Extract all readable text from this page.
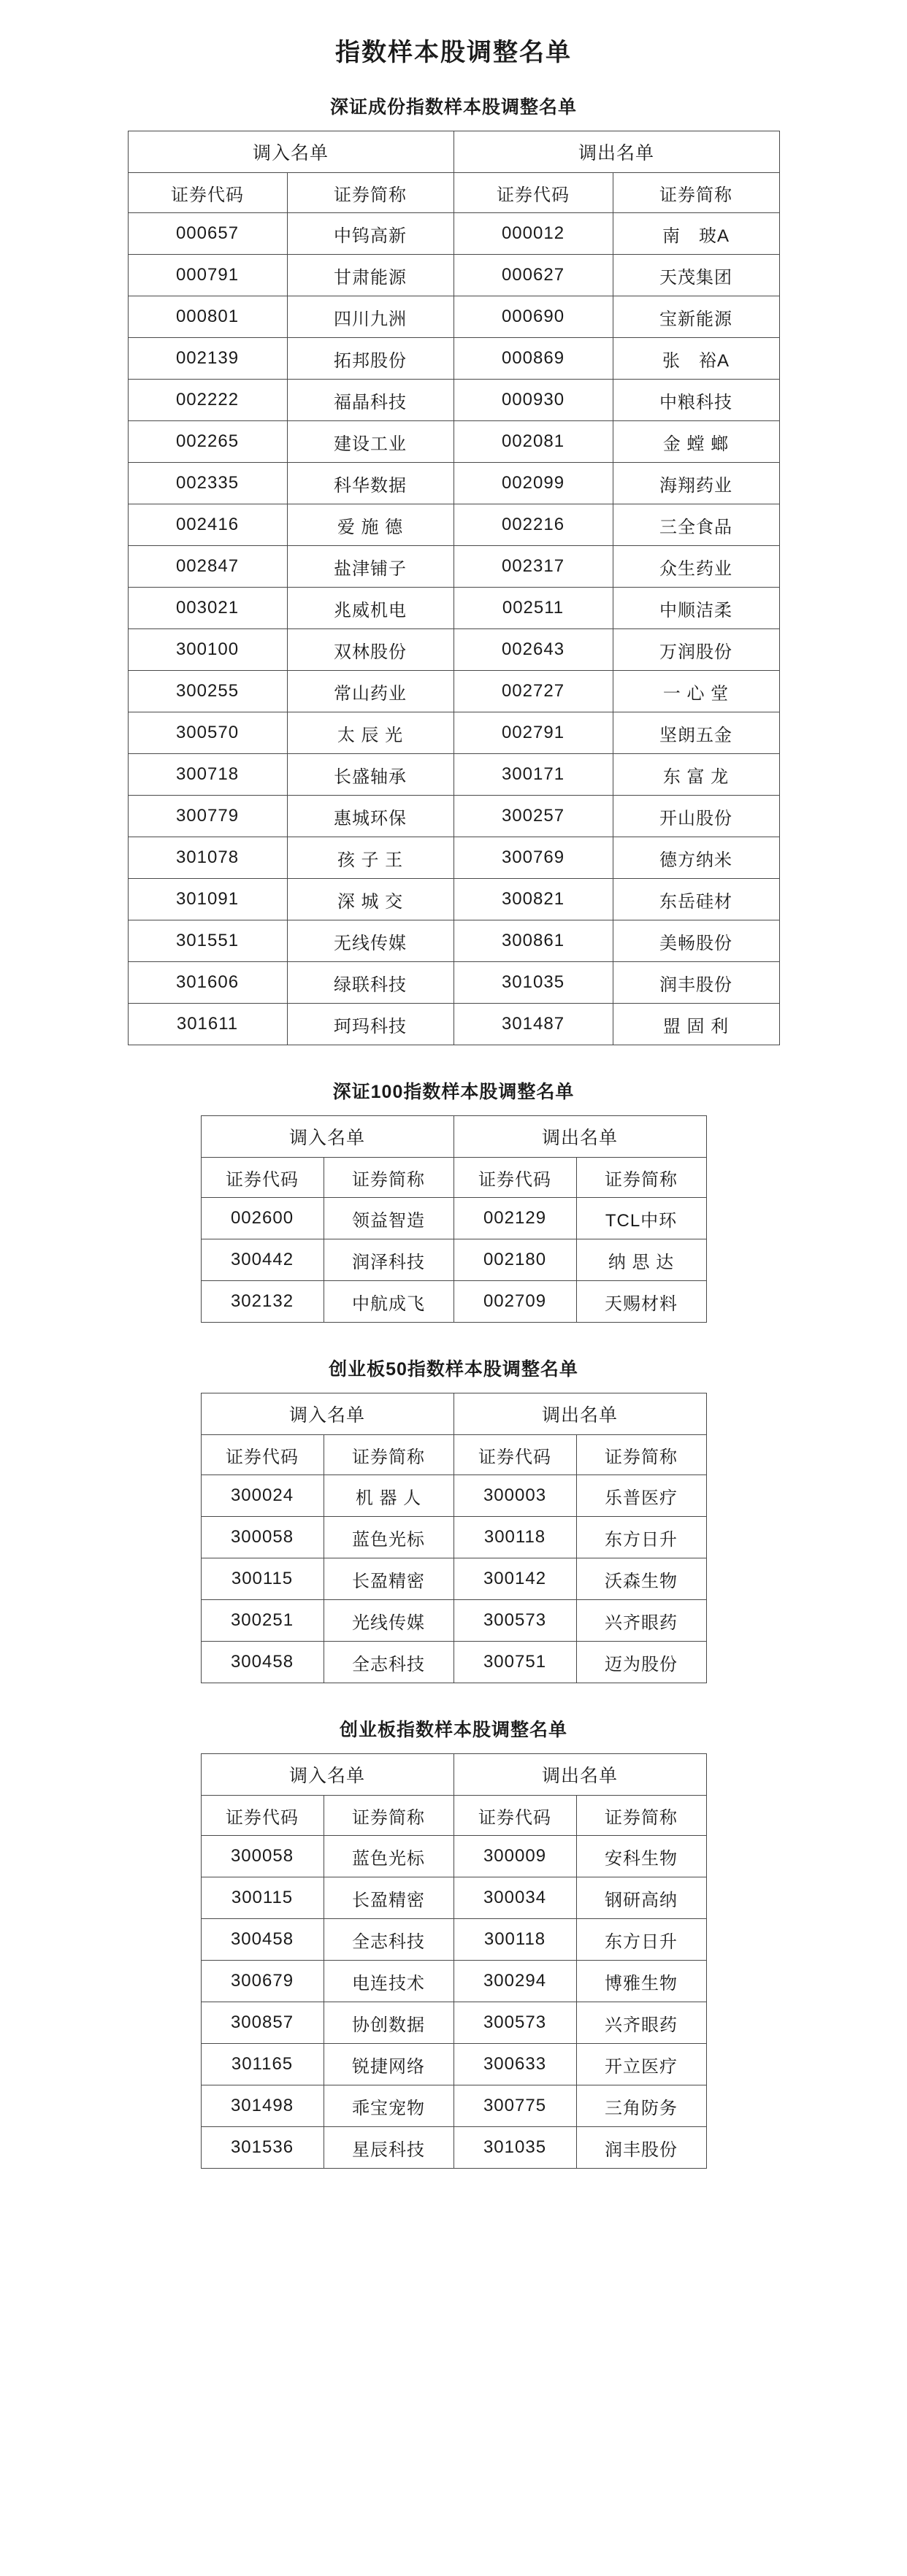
指数样本股调整名单
深证成份指数样本股调整名单
调入名单		调出名单	
证券代码	证券简称	证券代码	证券简称
000657	中钨高新	000012	南　玻A
000791	甘肃能源	000627	天茂集团
000801	四川九洲	000690	宝新能源
002139	拓邦股份	000869	张　裕A
002222	福晶科技	000930	中粮科技
002265	建设工业	002081	金 螳 螂
002335	科华数据	002099	海翔药业
002416	爱 施 德	002216	三全食品
002847	盐津铺子	002317	众生药业
003021	兆威机电	002511	中顺洁柔
300100	双林股份	002643	万润股份
300255	常山药业	002727	一 心 堂
300570	太 辰 光	002791	坚朗五金
300718	长盛轴承	300171	东 富 龙
300779	惠城环保	300257	开山股份
301078	孩 子 王	300769	德方纳米
301091	深 城 交	300821	东岳硅材
301551	无线传媒	300861	美畅股份
301606	绿联科技	301035	润丰股份
301611	珂玛科技	301487	盟 固 利
深证100指数样本股调整名单
调入名单		调出名单	
证券代码	证券简称	证券代码	证券简称
002600	领益智造	002129	TCL中环
300442	润泽科技	002180	纳 思 达
302132	中航成飞	002709	天赐材料
创业板50指数样本股调整名单
调入名单		调出名单	
证券代码	证券简称	证券代码	证券简称
300024	机 器 人	300003	乐普医疗
300058	蓝色光标	300118	东方日升
300115	长盈精密	300142	沃森生物
300251	光线传媒	300573	兴齐眼药
300458	全志科技	300751	迈为股份
创业板指数样本股调整名单
调入名单		调出名单	
证券代码	证券简称	证券代码	证券简称
300058	蓝色光标	300009	安科生物
300115	长盈精密	300034	钢研高纳
300458	全志科技	300118	东方日升
300679	电连技术	300294	博雅生物
300857	协创数据	300573	兴齐眼药
301165	锐捷网络	300633	开立医疗
301498	乖宝宠物	300775	三角防务
301536	星辰科技	301035	润丰股份
